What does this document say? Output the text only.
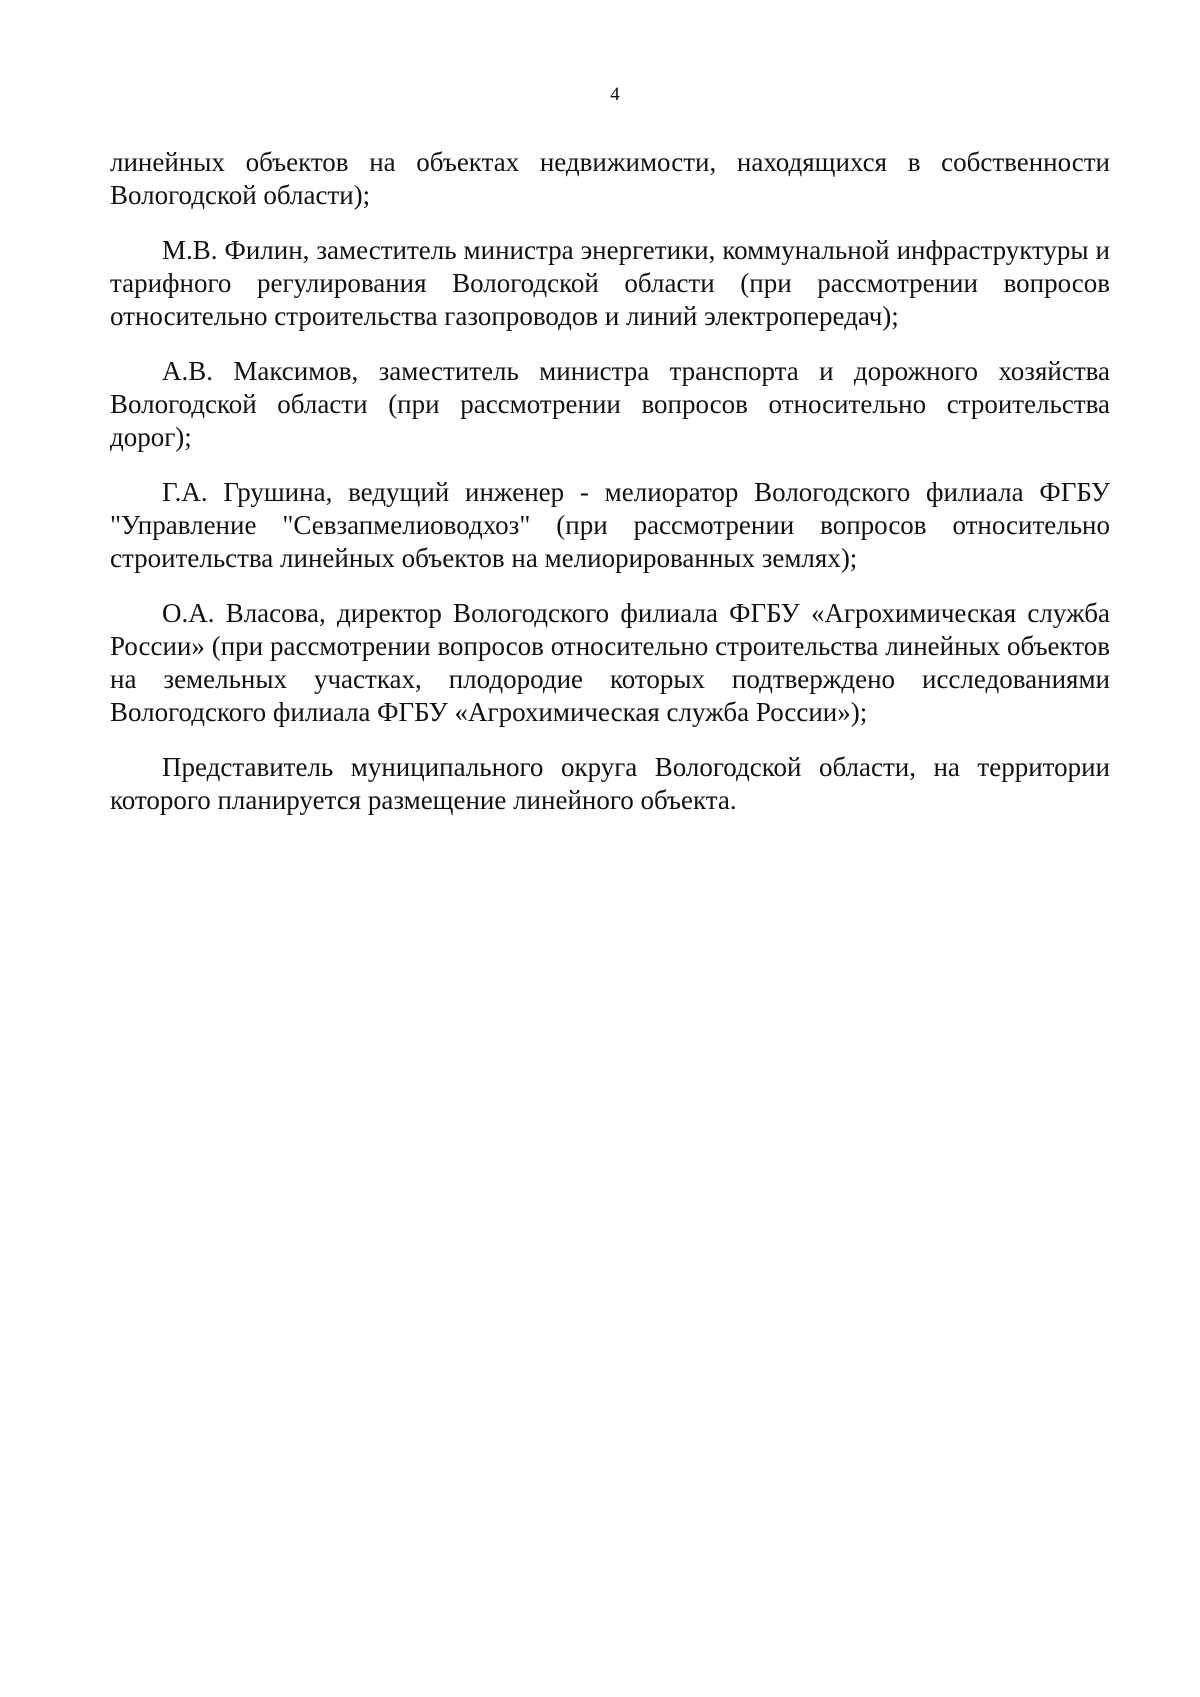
4

линейных объектов на объектах недвижимости, находящихся в собственности Вологодской области);

М.В. Филин, заместитель министра энергетики, коммунальной инфраструктуры и тарифного регулирования Вологодской области (при рассмотрении вопросов относительно строительства газопроводов и линий электропередач);

А.В. Максимов, заместитель министра транспорта и дорожного хозяйства Вологодской области (при рассмотрении вопросов относительно строительства дорог);

Г.А. Грушина, ведущий инженер - мелиоратор Вологодского филиала ФГБУ "Управление "Севзапмелиоводхоз" (при рассмотрении вопросов относительно строительства линейных объектов на мелиорированных землях);

О.А. Власова, директор Вологодского филиала ФГБУ «Агрохимическая служба России» (при рассмотрении вопросов относительно строительства линейных объектов на земельных участках, плодородие которых подтверждено исследованиями Вологодского филиала ФГБУ «Агрохимическая служба России»);

Представитель муниципального округа Вологодской области, на территории которого планируется размещение линейного объекта.
